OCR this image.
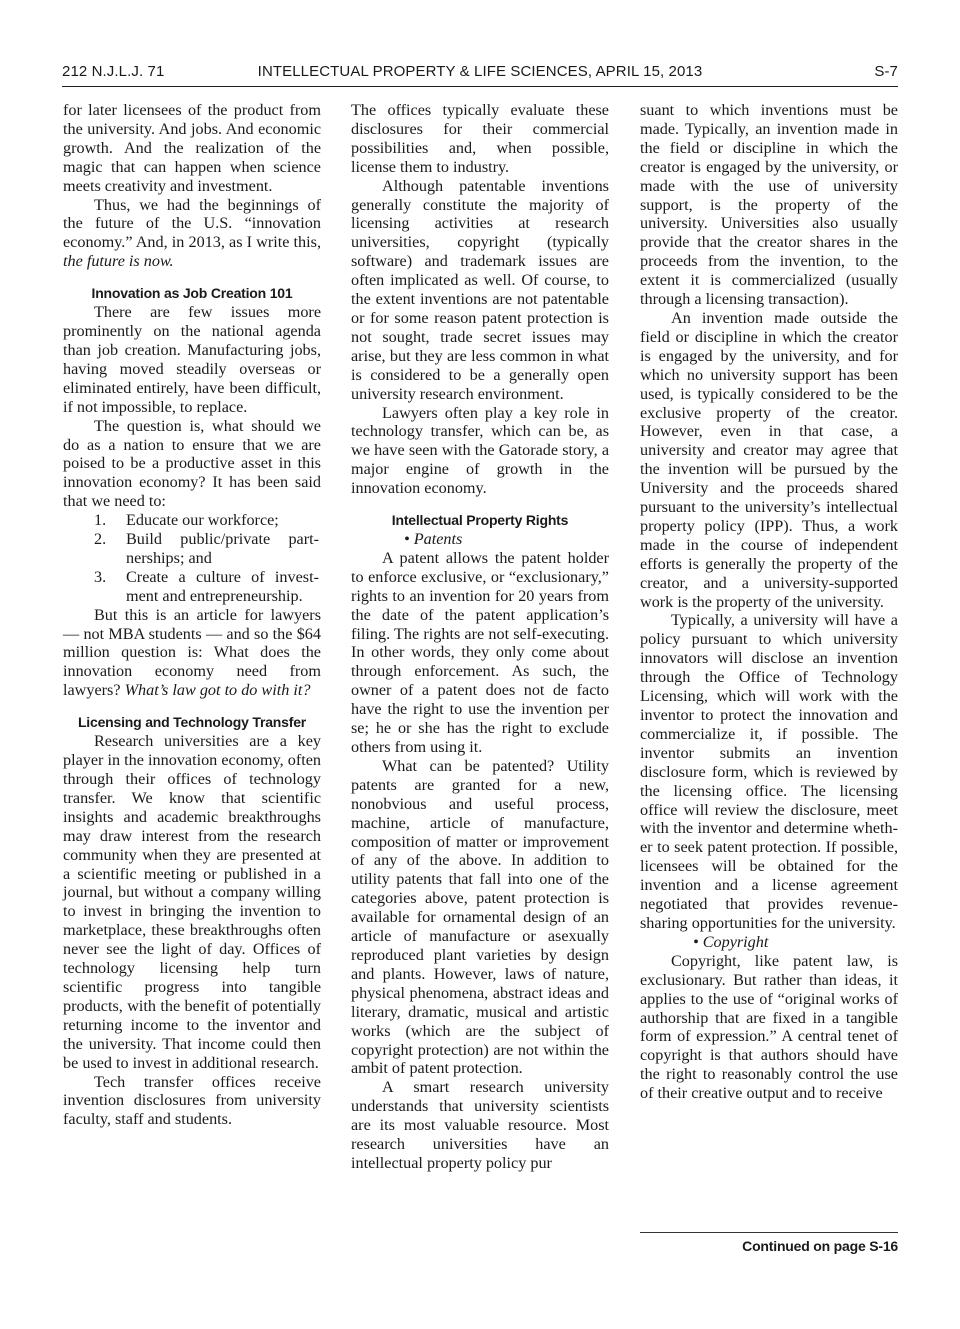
212 N.J.L.J. 71	INTELLECTUAL PROPERTY & LIFE SCIENCES, APRIL 15, 2013	S-7

for later licensees of the product from the university. And jobs. And economic growth. And the realization of the magic that can happen when science meets creativity and investment.

Thus, we had the beginnings of the future of the U.S. “innovation economy.” And, in 2013, as I write this, the future is now.

Innovation as Job Creation 101

There are few issues more prominently on the national agenda than job creation. Manufacturing jobs, having moved steadily overseas or eliminated entirely, have been difficult, if not impossible, to replace.

The question is, what should we do as a nation to ensure that we are poised to be a productive asset in this innovation economy? It has been said that we need to:

1. Educate our workforce;
2. Build public/private partnerships; and
3. Create a culture of investment and entrepreneurship.

But this is an article for lawyers — not MBA students — and so the $64 million question is: What does the innovation economy need from lawyers? What’s law got to do with it?

Licensing and Technology Transfer

Research universities are a key player in the innovation economy, often through their offices of technology transfer. We know that scientific insights and academic breakthroughs may draw interest from the research community when they are presented at a scientific meeting or published in a journal, but without a company willing to invest in bringing the invention to marketplace, these breakthroughs often never see the light of day. Offices of technology licensing help turn scientific progress into tangible products, with the benefit of potentially returning income to the inventor and the university. That income could then be used to invest in additional research.

Tech transfer offices receive invention disclosures from university faculty, staff and students.

The offices typically evaluate these disclosures for their commercial possibilities and, when possible, license them to industry.

Although patentable inventions generally constitute the majority of licensing activities at research universities, copyright (typically software) and trademark issues are often implicated as well. Of course, to the extent inventions are not patentable or for some reason patent protection is not sought, trade secret issues may arise, but they are less common in what is considered to be a generally open university research environment.

Lawyers often play a key role in technology transfer, which can be, as we have seen with the Gatorade story, a major engine of growth in the innovation economy.

Intellectual Property Rights

• Patents

A patent allows the patent holder to enforce exclusive, or “exclusionary,” rights to an invention for 20 years from the date of the patent application’s filing. The rights are not self-executing. In other words, they only come about through enforcement. As such, the owner of a patent does not de facto have the right to use the invention per se; he or she has the right to exclude others from using it.

What can be patented? Utility patents are granted for a new, nonobvious and useful process, machine, article of manufacture, composition of matter or improvement of any of the above. In addition to utility patents that fall into one of the categories above, patent protection is available for ornamental design of an article of manufacture or asexually reproduced plant varieties by design and plants. However, laws of nature, physical phenomena, abstract ideas and literary, dramatic, musical and artistic works (which are the subject of copyright protection) are not within the ambit of patent protection.

A smart research university understands that university scientists are its most valuable resource. Most research universities have an intellectual property policy pur

suant to which inventions must be made. Typically, an invention made in the field or discipline in which the creator is engaged by the university, or made with the use of university support, is the property of the university. Universities also usually provide that the creator shares in the proceeds from the invention, to the extent it is commercialized (usually through a licensing transaction).

An invention made outside the field or discipline in which the creator is engaged by the university, and for which no university support has been used, is typically considered to be the exclusive property of the creator. However, even in that case, a university and creator may agree that the invention will be pursued by the University and the proceeds shared pursuant to the university’s intellectual property policy (IPP). Thus, a work made in the course of independent efforts is generally the property of the creator, and a university-supported work is the property of the university.

Typically, a university will have a policy pursuant to which university innovators will disclose an invention through the Office of Technology Licensing, which will work with the inventor to protect the innovation and commercialize it, if possible. The inventor submits an invention disclosure form, which is reviewed by the licensing office. The licensing office will review the disclosure, meet with the inventor and determine whether to seek patent protection. If possible, licensees will be obtained for the invention and a license agreement negotiated that provides revenue-sharing opportunities for the university.

• Copyright

Copyright, like patent law, is exclusionary. But rather than ideas, it applies to the use of “original works of authorship that are fixed in a tangible form of expression.” A central tenet of copyright is that authors should have the right to reasonably control the use of their creative output and to receive

Continued on page S-16
